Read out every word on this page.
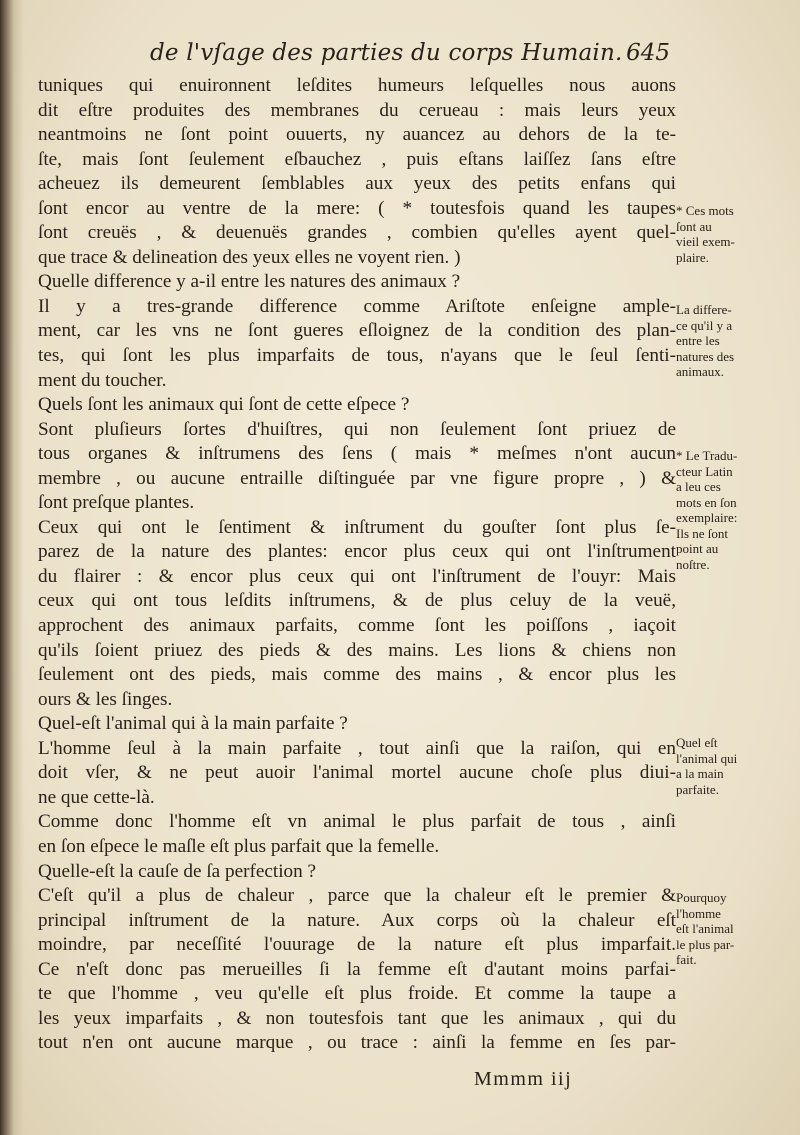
de l'vſage des parties du corps Humain. 645
tuniques qui enuironnent leſdites humeurs leſquelles nous auons
dit eſtre produites des membranes du cerueau : mais leurs yeux
neantmoins ne ſont point ouuerts, ny auancez au dehors de la te-
ſte, mais ſont ſeulement eſbauchez , puis eſtans laiſſez ſans eſtre
acheuez ils demeurent ſemblables aux yeux des petits enfans qui
ſont encor au ventre de la mere: ( * toutesfois quand les taupes
ſont creuës , & deuenuës grandes , combien qu'elles ayent quel-
que trace & delineation des yeux elles ne voyent rien. )
Quelle difference y a-il entre les natures des animaux ?
Il y a tres-grande difference comme Ariſtote enſeigne ample-
ment, car les vns ne ſont gueres eſloignez de la condition des plan-
tes, qui ſont les plus imparfaits de tous, n'ayans que le ſeul ſenti-
ment du toucher.
Quels ſont les animaux qui ſont de cette eſpece ?
Sont pluſieurs ſortes d'huiſtres, qui non ſeulement ſont priuez de
tous organes & inſtrumens des ſens ( mais * meſmes n'ont aucun
membre , ou aucune entraille diſtinguée par vne figure propre , ) &
ſont preſque plantes.
Ceux qui ont le ſentiment & inſtrument du gouſter ſont plus ſe-
parez de la nature des plantes: encor plus ceux qui ont l'inſtrument
du flairer : & encor plus ceux qui ont l'inſtrument de l'ouyr: Mais
ceux qui ont tous leſdits inſtrumens, & de plus celuy de la veuë,
approchent des animaux parfaits, comme ſont les poiſſons , iaçoit
qu'ils ſoient priuez des pieds & des mains. Les lions & chiens non
ſeulement ont des pieds, mais comme des mains , & encor plus les
ours & les ſinges.
Quel-eſt l'animal qui à la main parfaite ?
L'homme ſeul à la main parfaite , tout ainſi que la raiſon, qui en
doit vſer, & ne peut auoir l'animal mortel aucune choſe plus diui-
ne que cette-là.
Comme donc l'homme eſt vn animal le plus parfait de tous , ainſi
en ſon eſpece le maſle eſt plus parfait que la femelle.
Quelle-eſt la cauſe de ſa perfection ?
C'eſt qu'il a plus de chaleur , parce que la chaleur eſt le premier &
principal inſtrument de la nature. Aux corps où la chaleur eſt
moindre, par neceſſité l'ouurage de la nature eſt plus imparfait.
Ce n'eſt donc pas merueilles ſi la femme eſt d'autant moins parfai-
te que l'homme , veu qu'elle eſt plus froide. Et comme la taupe a
les yeux imparfaits , & non toutesfois tant que les animaux , qui du
tout n'en ont aucune marque , ou trace : ainſi la femme en ſes par-
* Ces mots
ſont au
vieil exem-
plaire.
La differe-
ce qu'il y a
entre les
natures des
animaux.
* Le Tradu-
cteur Latin
a leu ces
mots en ſon
exemplaire:
Ils ne ſont
point au
noſtre.
Quel eſt
l'animal qui
a la main
parfaite.
Pourquoy
l'homme
eſt l'animal
le plus par-
fait.
Mmmm iij
